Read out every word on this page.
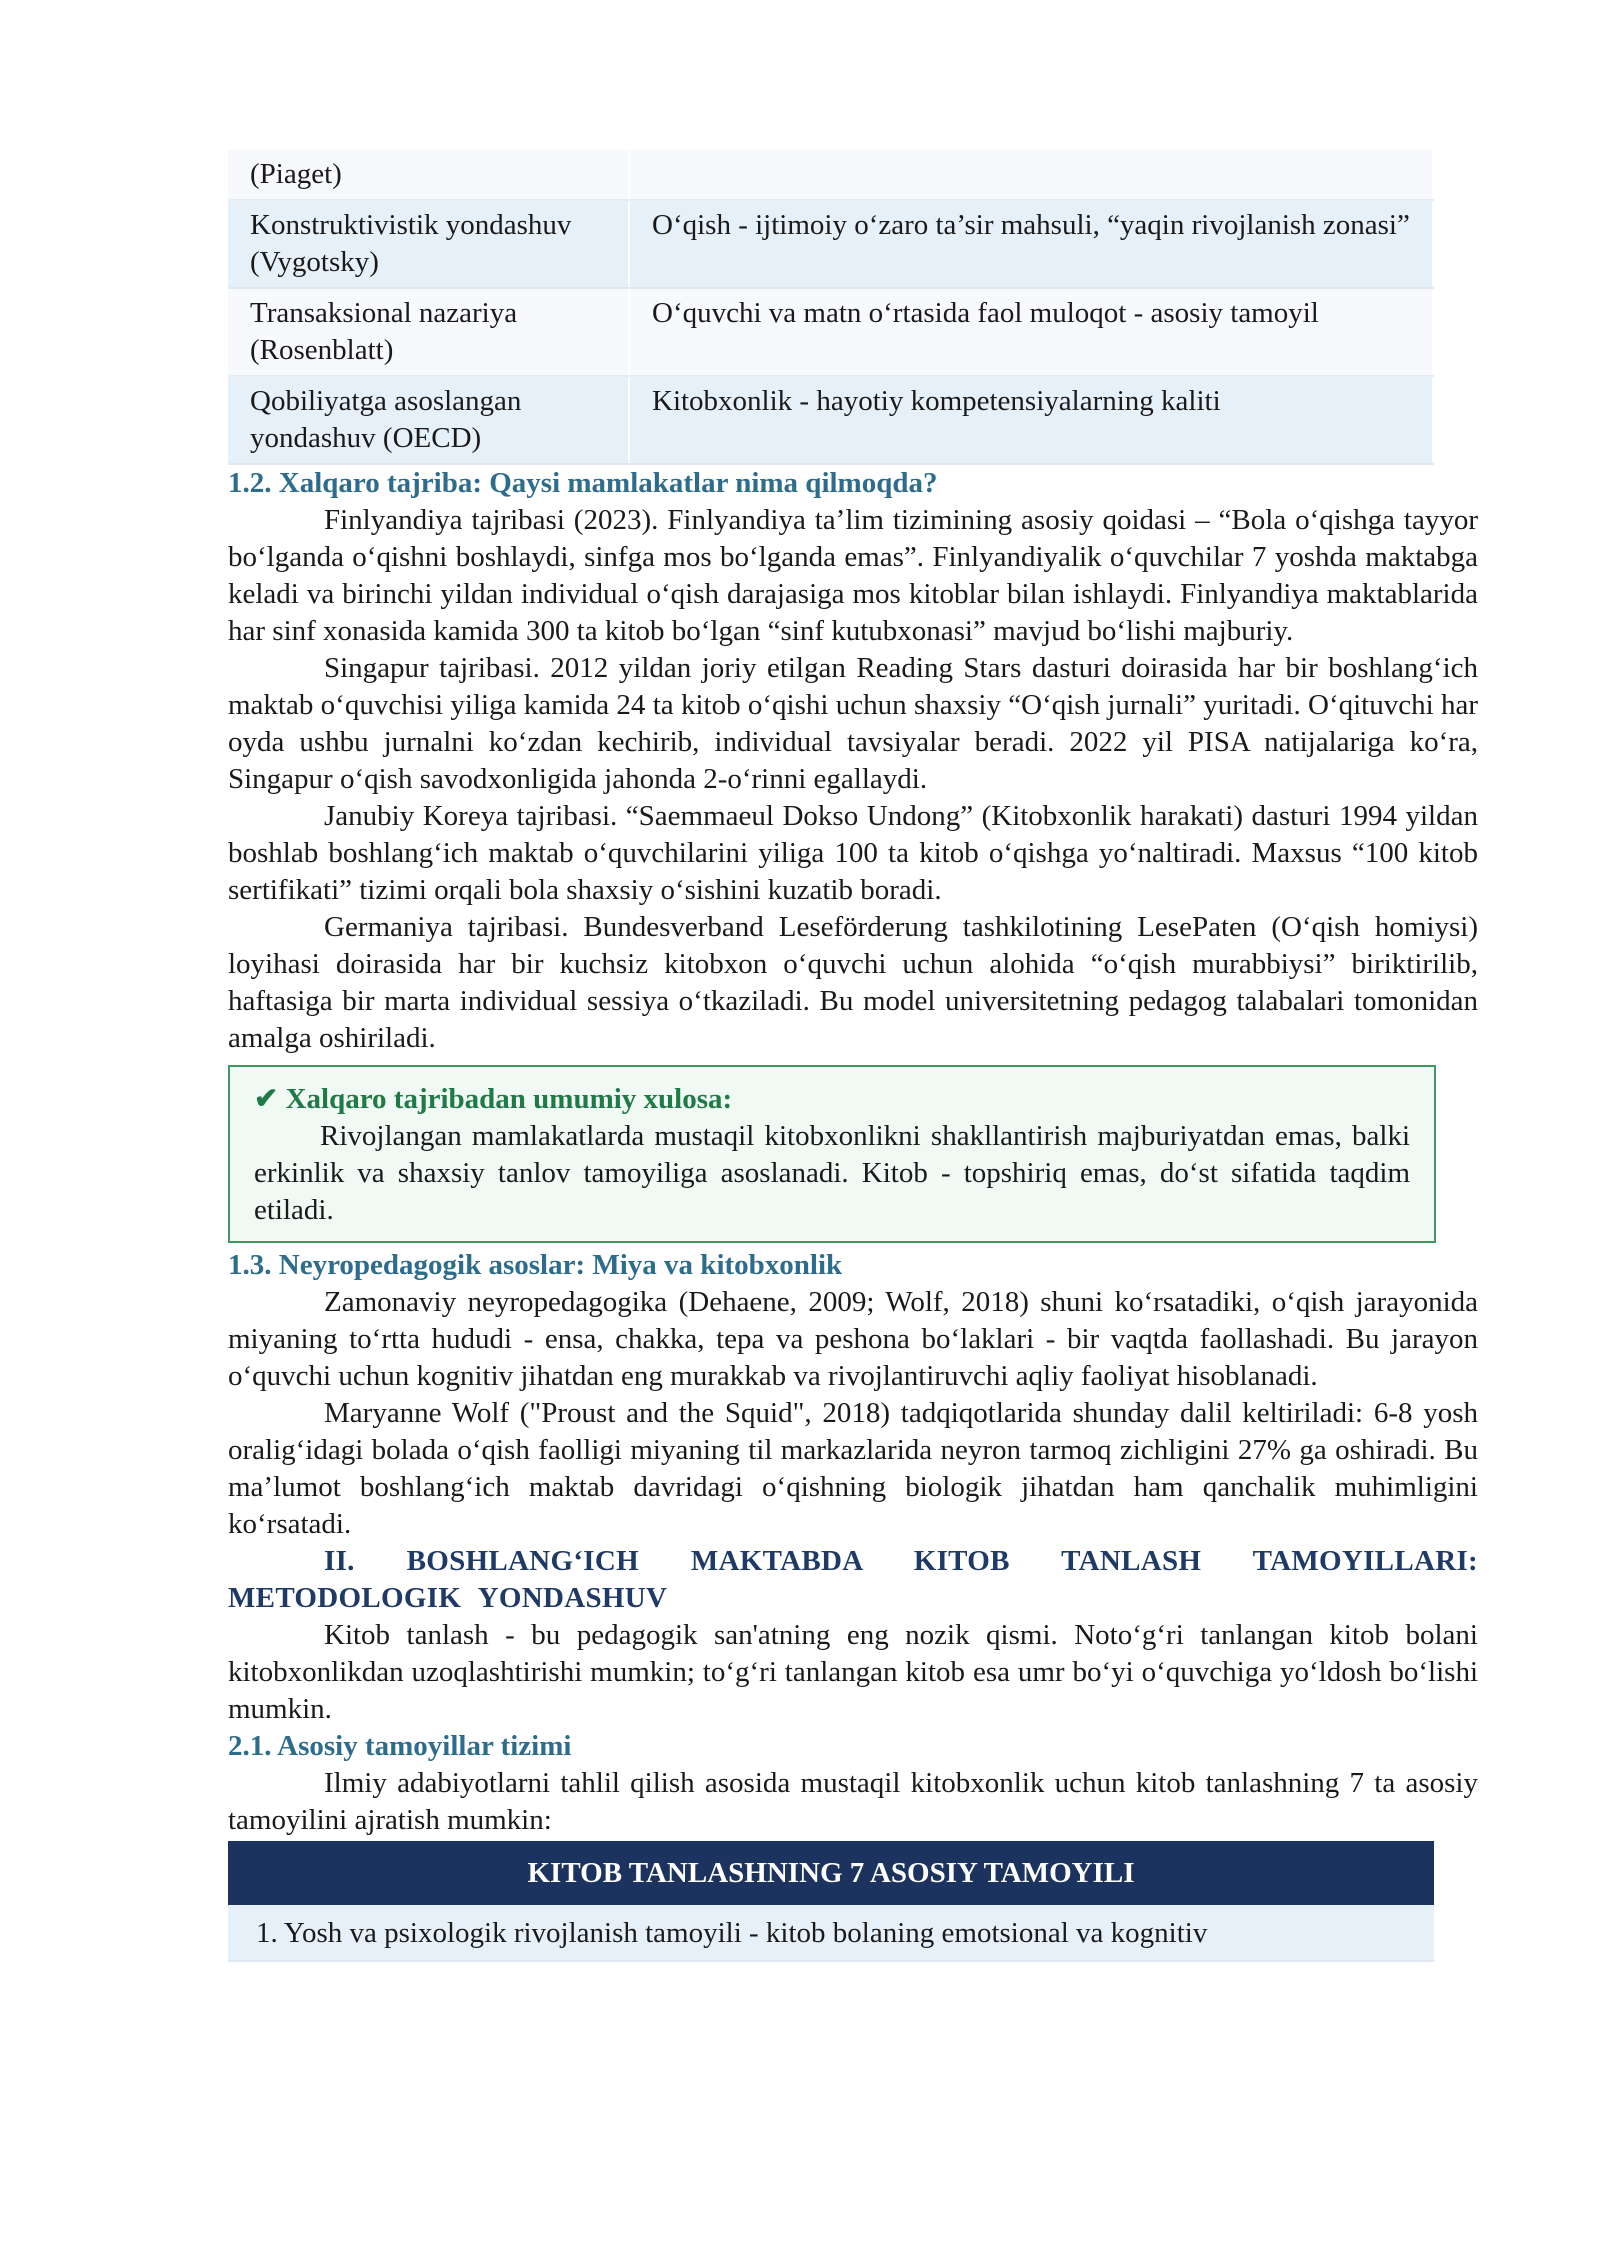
(Piaget)	
Konstruktivistik yondashuv (Vygotsky)	O‘qish - ijtimoiy o‘zaro ta’sir mahsuli, “yaqin rivojlanish zonasi”
Transaksional nazariya (Rosenblatt)	O‘quvchi va matn o‘rtasida faol muloqot - asosiy tamoyil
Qobiliyatga asoslangan yondashuv (OECD)	Kitobxonlik - hayotiy kompetensiyalarning kaliti

1.2. Xalqaro tajriba: Qaysi mamlakatlar nima qilmoqda?

Finlyandiya tajribasi (2023). Finlyandiya ta’lim tizimining asosiy qoidasi – “Bola o‘qishga tayyor bo‘lganda o‘qishni boshlaydi, sinfga mos bo‘lganda emas”. Finlyandiyalik o‘quvchilar 7 yoshda maktabga keladi va birinchi yildan individual o‘qish darajasiga mos kitoblar bilan ishlaydi. Finlyandiya maktablarida har sinf xonasida kamida 300 ta kitob bo‘lgan “sinf kutubxonasi” mavjud bo‘lishi majburiy.

Singapur tajribasi. 2012 yildan joriy etilgan Reading Stars dasturi doirasida har bir boshlang‘ich maktab o‘quvchisi yiliga kamida 24 ta kitob o‘qishi uchun shaxsiy “O‘qish jurnali” yuritadi. O‘qituvchi har oyda ushbu jurnalni ko‘zdan kechirib, individual tavsiyalar beradi. 2022 yil PISA natijalariga ko‘ra, Singapur o‘qish savodxonligida jahonda 2-o‘rinni egallaydi.

Janubiy Koreya tajribasi. “Saemmaeul Dokso Undong” (Kitobxonlik harakati) dasturi 1994 yildan boshlab boshlang‘ich maktab o‘quvchilarini yiliga 100 ta kitob o‘qishga yo‘naltiradi. Maxsus “100 kitob sertifikati” tizimi orqali bola shaxsiy o‘sishini kuzatib boradi.

Germaniya tajribasi. Bundesverband Leseförderung tashkilotining LesePaten (O‘qish homiysi) loyihasi doirasida har bir kuchsiz kitobxon o‘quvchi uchun alohida “o‘qish murabbiysi” biriktirilib, haftasiga bir marta individual sessiya o‘tkaziladi. Bu model universitetning pedagog talabalari tomonidan amalga oshiriladi.

✔ Xalqaro tajribadan umumiy xulosa:

Rivojlangan mamlakatlarda mustaqil kitobxonlikni shakllantirish majburiyatdan emas, balki erkinlik va shaxsiy tanlov tamoyiliga asoslanadi. Kitob - topshiriq emas, do‘st sifatida taqdim etiladi.

1.3. Neyropedagogik asoslar: Miya va kitobxonlik

Zamonaviy neyropedagogika (Dehaene, 2009; Wolf, 2018) shuni ko‘rsatadiki, o‘qish jarayonida miyaning to‘rtta hududi - ensa, chakka, tepa va peshona bo‘laklari - bir vaqtda faollashadi. Bu jarayon o‘quvchi uchun kognitiv jihatdan eng murakkab va rivojlantiruvchi aqliy faoliyat hisoblanadi.

Maryanne Wolf ("Proust and the Squid", 2018) tadqiqotlarida shunday dalil keltiriladi: 6-8 yosh oralig‘idagi bolada o‘qish faolligi miyaning til markazlarida neyron tarmoq zichligini 27% ga oshiradi. Bu ma’lumot boshlang‘ich maktab davridagi o‘qishning biologik jihatdan ham qanchalik muhimligini ko‘rsatadi.

II. BOSHLANG‘ICH MAKTABDA KITOB TANLASH TAMOYILLARI: METODOLOGIK YONDASHUV

Kitob tanlash - bu pedagogik san'atning eng nozik qismi. Noto‘g‘ri tanlangan kitob bolani kitobxonlikdan uzoqlashtirishi mumkin; to‘g‘ri tanlangan kitob esa umr bo‘yi o‘quvchiga yo‘ldosh bo‘lishi mumkin.

2.1. Asosiy tamoyillar tizimi

Ilmiy adabiyotlarni tahlil qilish asosida mustaqil kitobxonlik uchun kitob tanlashning 7 ta asosiy tamoyilini ajratish mumkin:

KITOB TANLASHNING 7 ASOSIY TAMOYILI
1. Yosh va psixologik rivojlanish tamoyili - kitob bolaning emotsional va kognitiv
